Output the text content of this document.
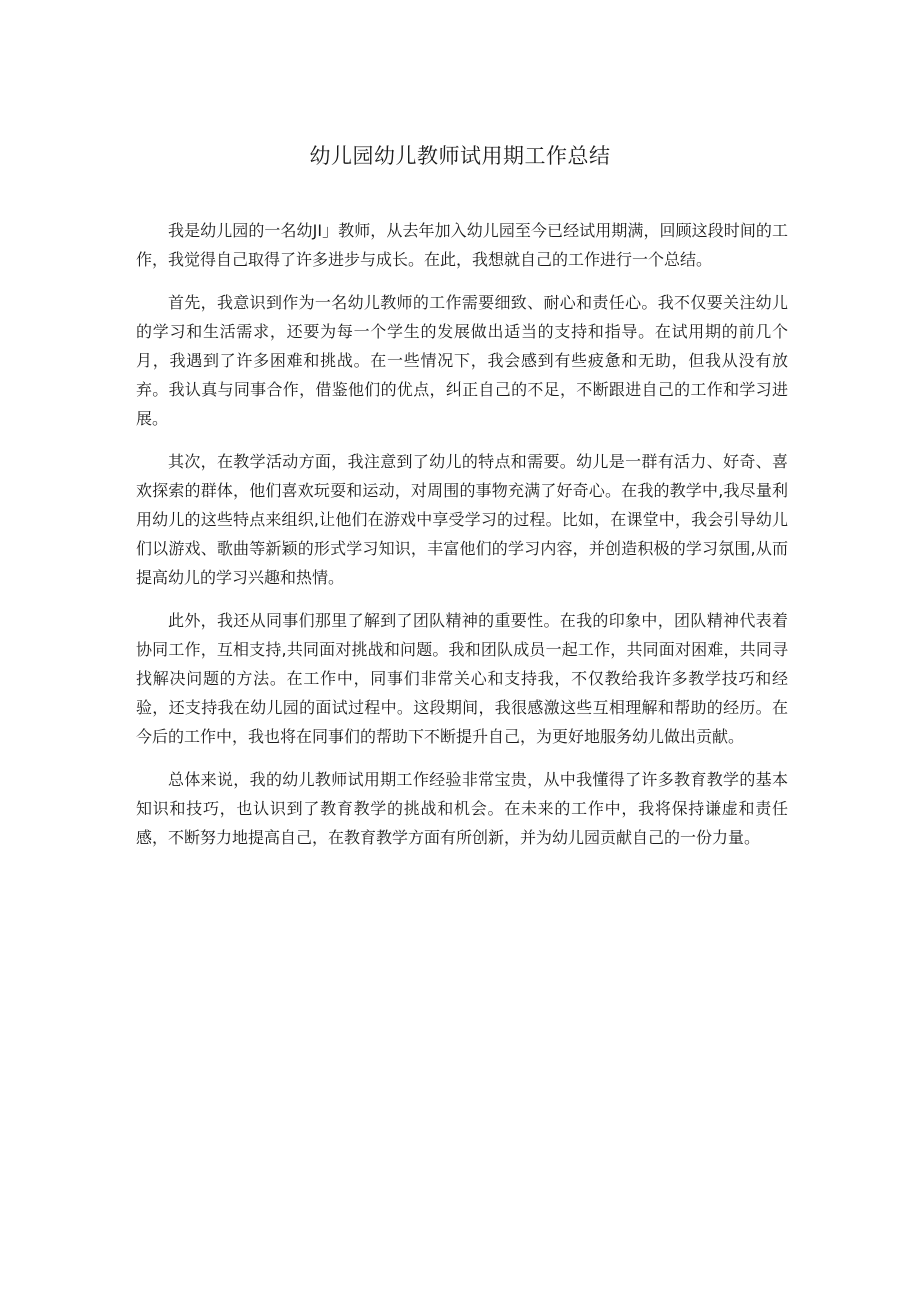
幼儿园幼儿教师试用期工作总结

我是幼儿园的一名幼JI」教师，从去年加入幼儿园至今已经试用期满，回顾这段时间的工作，我觉得自己取得了许多进步与成长。在此，我想就自己的工作进行一个总结。

首先，我意识到作为一名幼儿教师的工作需要细致、耐心和责任心。我不仅要关注幼儿的学习和生活需求，还要为每一个学生的发展做出适当的支持和指导。在试用期的前几个月，我遇到了许多困难和挑战。在一些情况下，我会感到有些疲惫和无助，但我从没有放弃。我认真与同事合作，借鉴他们的优点，纠正自己的不足，不断跟进自己的工作和学习进展。

其次，在教学活动方面，我注意到了幼儿的特点和需要。幼儿是一群有活力、好奇、喜欢探索的群体，他们喜欢玩耍和运动，对周围的事物充满了好奇心。在我的教学中,我尽量利用幼儿的这些特点来组织,让他们在游戏中享受学习的过程。比如，在课堂中，我会引导幼儿们以游戏、歌曲等新颖的形式学习知识，丰富他们的学习内容，并创造积极的学习氛围,从而提高幼儿的学习兴趣和热情。

此外，我还从同事们那里了解到了团队精神的重要性。在我的印象中，团队精神代表着协同工作，互相支持,共同面对挑战和问题。我和团队成员一起工作，共同面对困难，共同寻找解决问题的方法。在工作中，同事们非常关心和支持我，不仅教给我许多教学技巧和经验，还支持我在幼儿园的面试过程中。这段期间，我很感激这些互相理解和帮助的经历。在今后的工作中，我也将在同事们的帮助下不断提升自己，为更好地服务幼儿做出贡献。

总体来说，我的幼儿教师试用期工作经验非常宝贵，从中我懂得了许多教育教学的基本知识和技巧，也认识到了教育教学的挑战和机会。在未来的工作中，我将保持谦虚和责任感，不断努力地提高自己，在教育教学方面有所创新，并为幼儿园贡献自己的一份力量。
